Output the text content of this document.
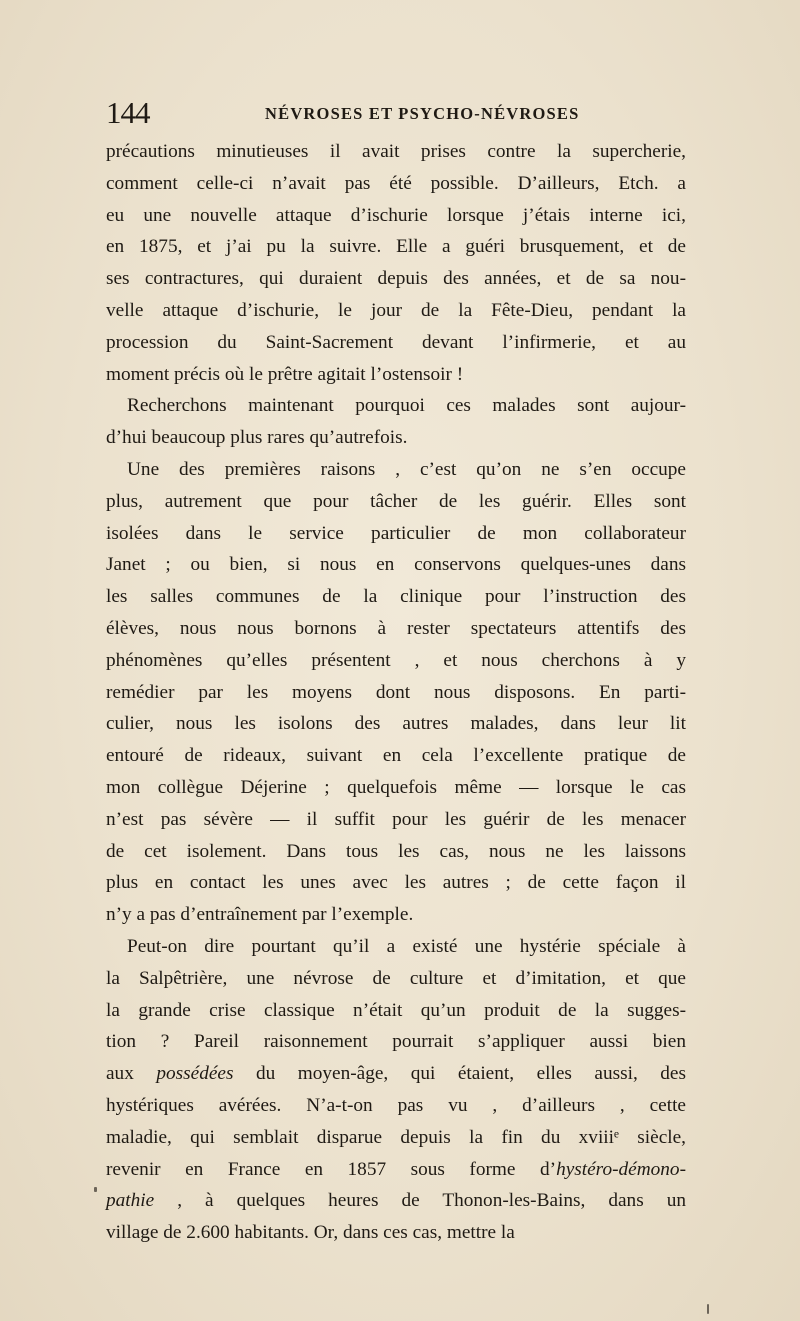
144	NÉVROSES ET PSYCHO-NÉVROSES
précautions minutieuses il avait prises contre la supercherie,
comment celle-ci n’avait pas été possible. D’ailleurs, Etch. a
eu une nouvelle attaque d’ischurie lorsque j’étais interne ici,
en 1875, et j’ai pu la suivre. Elle a guéri brusquement, et de
ses contractures, qui duraient depuis des années, et de sa nou-
velle attaque d’ischurie, le jour de la Fête-Dieu, pendant la
procession du Saint-Sacrement devant l’infirmerie, et au
moment précis où le prêtre agitait l’ostensoir !
Recherchons maintenant pourquoi ces malades sont aujour-
d’hui beaucoup plus rares qu’autrefois.
Une des premières raisons , c’est qu’on ne s’en occupe
plus, autrement que pour tâcher de les guérir. Elles sont
isolées dans le service particulier de mon collaborateur
Janet ; ou bien, si nous en conservons quelques-unes dans
les salles communes de la clinique pour l’instruction des
élèves, nous nous bornons à rester spectateurs attentifs des
phénomènes qu’elles présentent , et nous cherchons à y
remédier par les moyens dont nous disposons. En parti-
culier, nous les isolons des autres malades, dans leur lit
entouré de rideaux, suivant en cela l’excellente pratique de
mon collègue Déjerine ; quelquefois même — lorsque le cas
n’est pas sévère — il suffit pour les guérir de les menacer
de cet isolement. Dans tous les cas, nous ne les laissons
plus en contact les unes avec les autres ; de cette façon il
n’y a pas d’entraînement par l’exemple.
Peut-on dire pourtant qu’il a existé une hystérie spéciale à
la Salpêtrière, une névrose de culture et d’imitation, et que
la grande crise classique n’était qu’un produit de la sugges-
tion ? Pareil raisonnement pourrait s’appliquer aussi bien
aux possédées du moyen-âge, qui étaient, elles aussi, des
hystériques avérées. N’a-t-on pas vu , d’ailleurs , cette
maladie, qui semblait disparue depuis la fin du xviiiᵉ siècle,
revenir en France en 1857 sous forme d’hystéro-démono-
pathie , à quelques heures de Thonon-les-Bains, dans un
village de 2.600 habitants. Or, dans ces cas, mettre la
